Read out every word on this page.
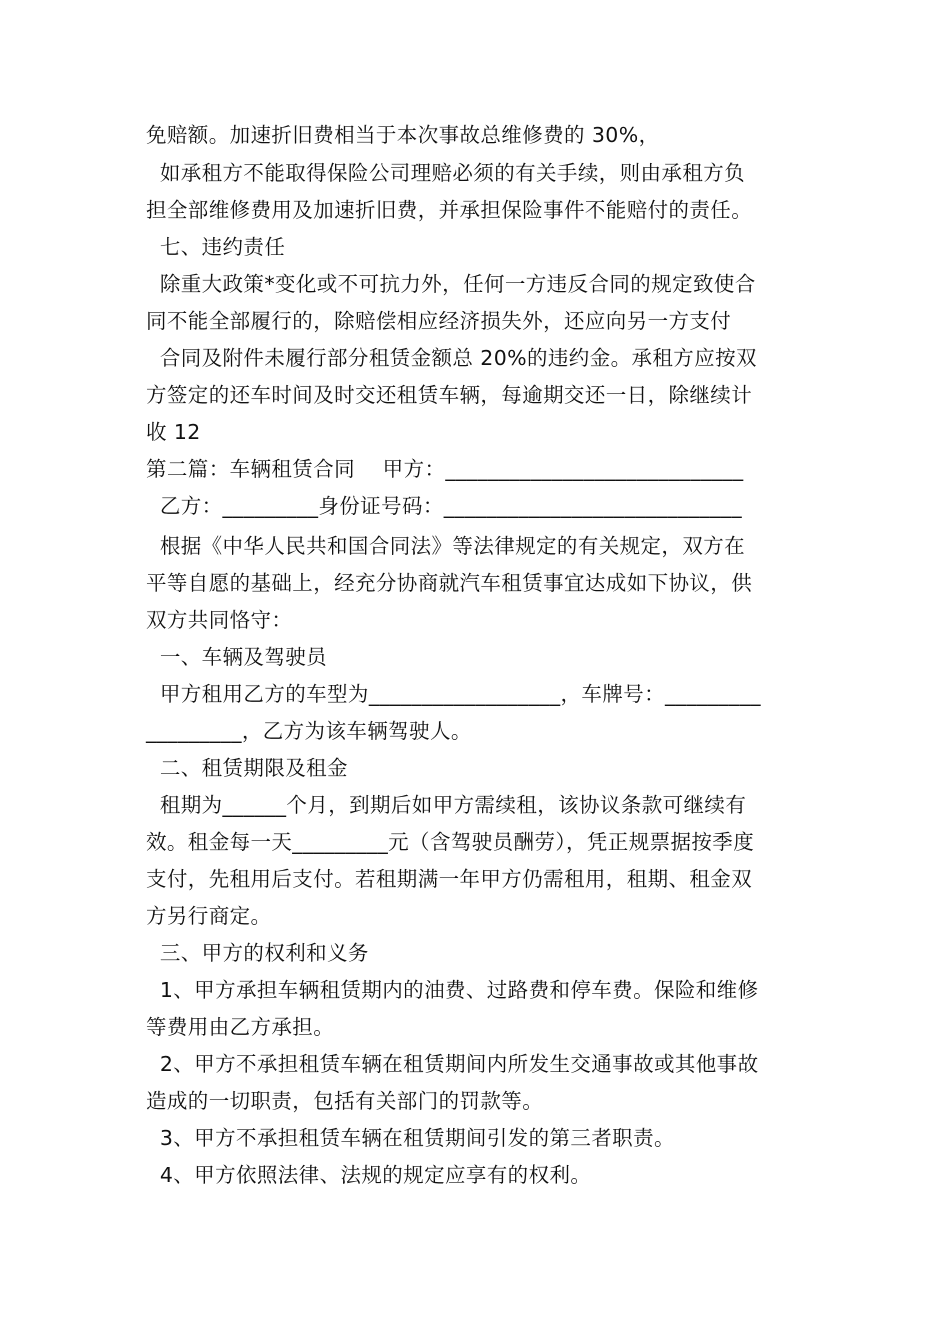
免赔额。加速折旧费相当于本次事故总维修费的 30%，
如承租方不能取得保险公司理赔必须的有关手续，则由承租方负
担全部维修费用及加速折旧费，并承担保险事件不能赔付的责任。
七、违约责任
除重大政策*变化或不可抗力外，任何一方违反合同的规定致使合
同不能全部履行的，除赔偿相应经济损失外，还应向另一方支付
合同及附件未履行部分租赁金额总 20%的违约金。承租方应按双
方签定的还车时间及时交还租赁车辆，每逾期交还一日，除继续计
收 12
第二篇：车辆租赁合同    甲方：____________________________
乙方：_________身份证号码：____________________________
根据《中华人民共和国合同法》等法律规定的有关规定，双方在
平等自愿的基础上，经充分协商就汽车租赁事宜达成如下协议，供
双方共同恪守：
一、车辆及驾驶员
甲方租用乙方的车型为__________________，车牌号：_________
_________，乙方为该车辆驾驶人。
二、租赁期限及租金
租期为______个月，到期后如甲方需续租，该协议条款可继续有
效。租金每一天_________元（含驾驶员酬劳），凭正规票据按季度
支付，先租用后支付。若租期满一年甲方仍需租用，租期、租金双
方另行商定。
三、甲方的权利和义务
1、甲方承担车辆租赁期内的油费、过路费和停车费。保险和维修
等费用由乙方承担。
2、甲方不承担租赁车辆在租赁期间内所发生交通事故或其他事故
造成的一切职责，包括有关部门的罚款等。
3、甲方不承担租赁车辆在租赁期间引发的第三者职责。
4、甲方依照法律、法规的规定应享有的权利。
